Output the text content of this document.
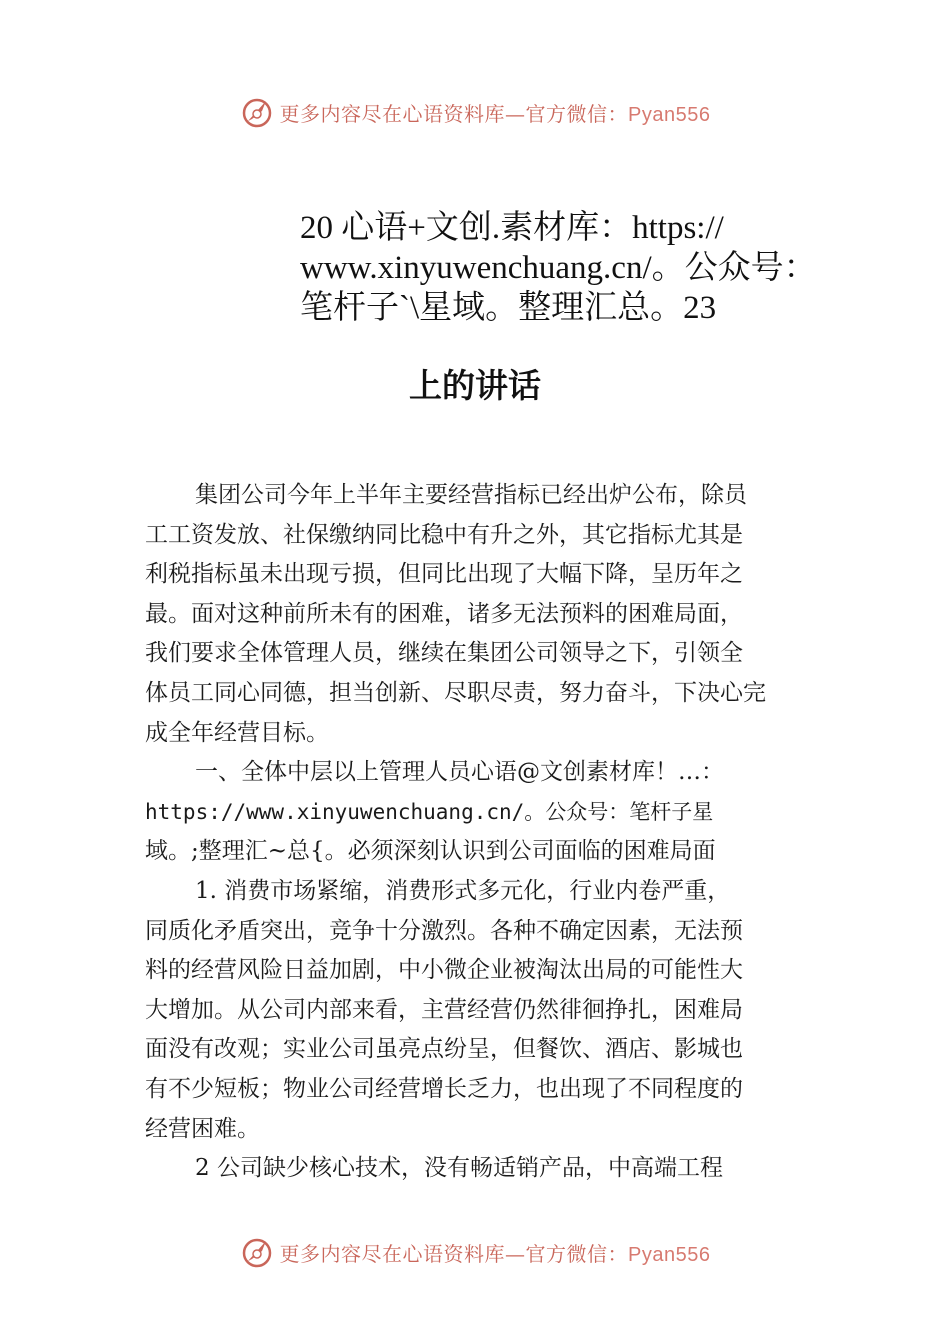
更多内容尽在心语资料库—官方微信：Pyan556
20 心语+文创.素材库：https://
www.xinyuwenchuang.cn/。公众号：
笔杆子`\星域。整理汇总。23
上的讲话
集团公司今年上半年主要经营指标已经出炉公布，除员
工工资发放、社保缴纳同比稳中有升之外，其它指标尤其是
利税指标虽未出现亏损，但同比出现了大幅下降，呈历年之
最。面对这种前所未有的困难，诸多无法预料的困难局面，
我们要求全体管理人员，继续在集团公司领导之下，引领全
体员工同心同德，担当创新、尽职尽责，努力奋斗，下决心完
成全年经营目标。
一、全体中层以上管理人员心语@文创素材库！…：
https://www.xinyuwenchuang.cn/。公众号：笔杆子星
域。;整理汇~总{。必须深刻认识到公司面临的困难局面
1. 消费市场紧缩，消费形式多元化，行业内卷严重，
同质化矛盾突出，竞争十分激烈。各种不确定因素，无法预
料的经营风险日益加剧，中小微企业被淘汰出局的可能性大
大增加。从公司内部来看，主营经营仍然徘徊挣扎，困难局
面没有改观；实业公司虽亮点纷呈，但餐饮、酒店、影城也
有不少短板；物业公司经营增长乏力，也出现了不同程度的
经营困难。
2 公司缺少核心技术，没有畅适销产品，中高端工程
更多内容尽在心语资料库—官方微信：Pyan556
